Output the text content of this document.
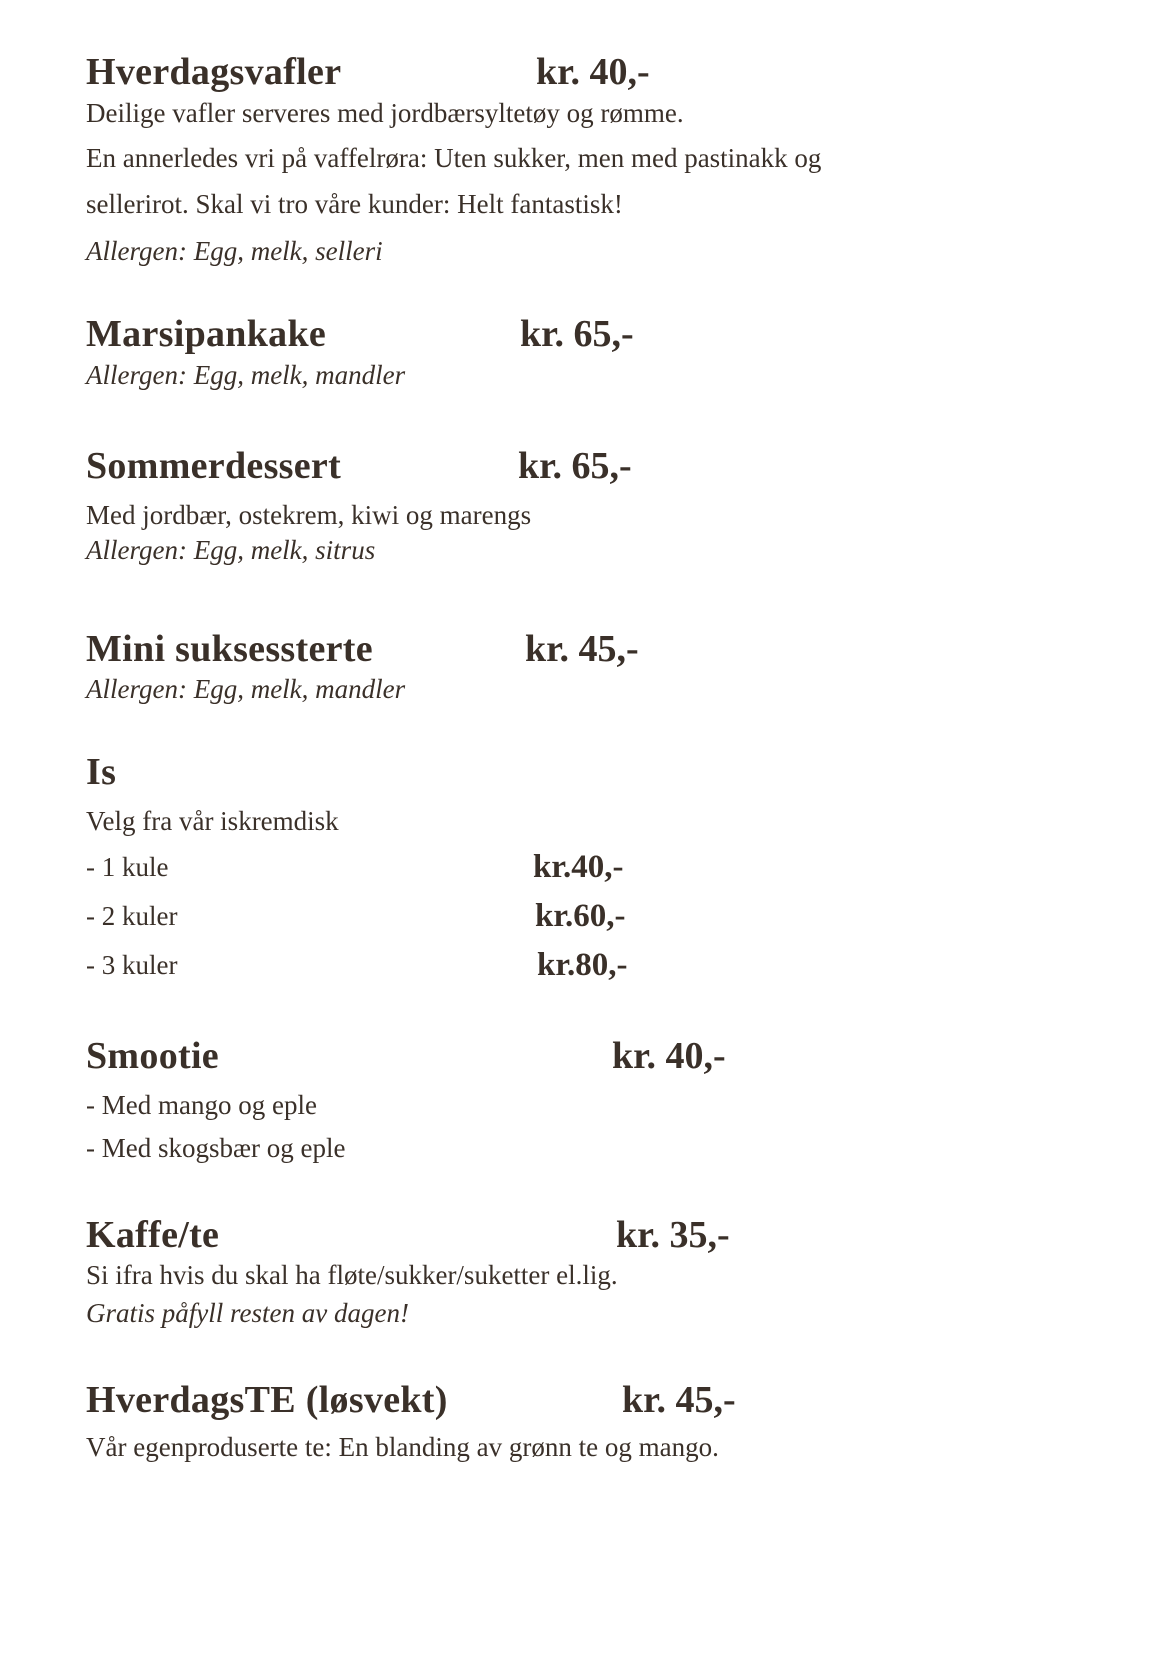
Hverdagsvafler	kr. 40,-

Deilige vafler serveres med jordbærsyltetøy og rømme.

En annerledes vri på vaffelrøra: Uten sukker, men med pastinakk og

sellerirot. Skal vi tro våre kunder: Helt fantastisk!

Allergen: Egg, melk, selleri

Marsipankake	kr. 65,-

Allergen: Egg, melk, mandler

Sommerdessert	kr. 65,-

Med jordbær, ostekrem, kiwi og marengs

Allergen: Egg, melk, sitrus

Mini suksessterte	kr. 45,-

Allergen: Egg, melk, mandler

Is

Velg fra vår iskremdisk

- 1 kule	kr.40,-

- 2 kuler	kr.60,-

- 3 kuler	kr.80,-
Smootie	kr. 40,-

- Med mango og eple

- Med skogsbær og eple

Kaffe/te	kr. 35,-

Si ifra hvis du skal ha fløte/sukker/suketter el.lig.

Gratis påfyll resten av dagen!

HverdagsTE (løsvekt)	kr. 45,-

Vår egenproduserte te: En blanding av grønn te og mango.
